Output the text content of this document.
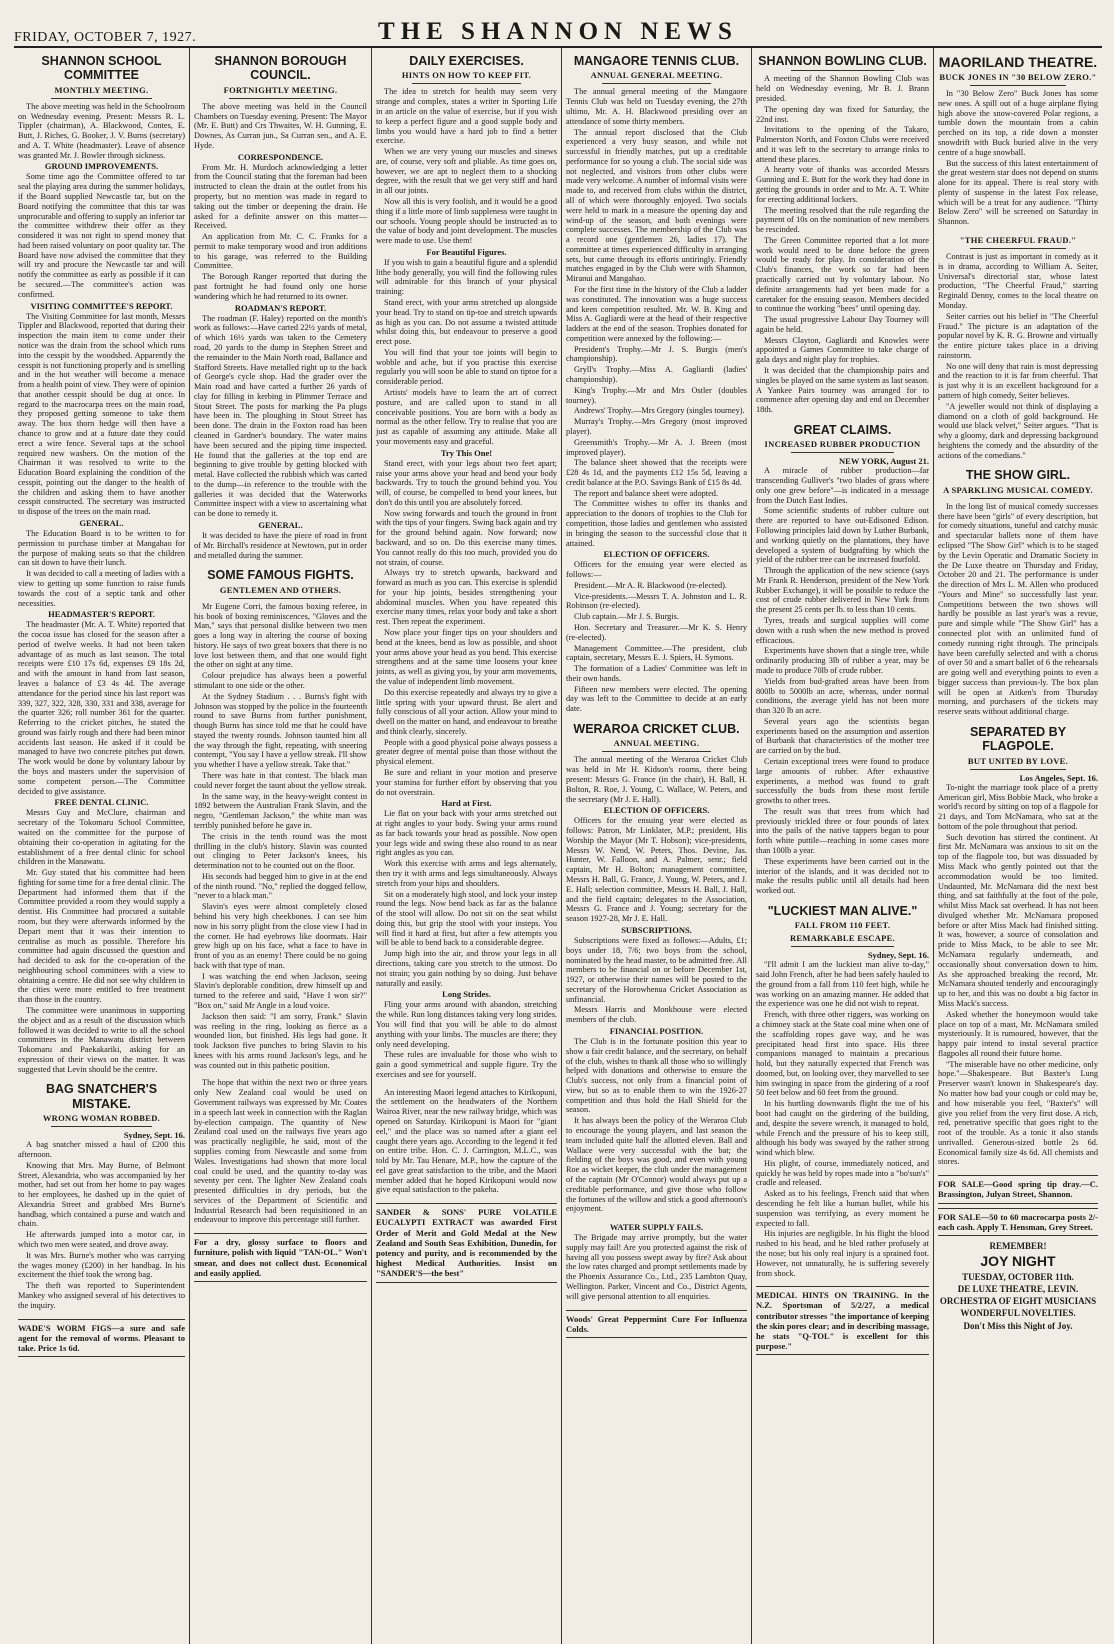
FRIDAY, OCTOBER 7, 1927.	THE SHANNON NEWS
SHANNON SCHOOL COMMITTEE
MONTHLY MEETING.

The above meeting was held in the Schoolroom on Wednesday evening. Present: Messrs R. L. Tippler (chairman), A. Blackwood, Contes, E. Butt, J. Riches, G. Booker, J. V. Burns (secretary) and A. T. White (headmaster). Leave of absence was granted Mr. J. Bowler through sickness.

GROUND IMPROVEMENTS.

Some time ago the Committee offered to tar seal the playing area during the summer holidays, if the Board supplied Newcastle tar, but on the Board notifying the committee that this tar was unprocurable and offering to supply an inferior tar the committee withdrew their offer as they considered it was not right to spend money that had been raised voluntary on poor quality tar. The Board have now advised the committee that they will try and procure the Newcastle tar and will notify the committee as early as possible if it can be secured.—The committee's action was confirmed.

VISITING COMMITTEE'S REPORT.

The Visiting Committee for last month, Messrs Tippler and Blackwood, reported that during their inspection the main item to come under their notice was the drain from the school which runs into the cesspit by the woodshed. Apparently the cesspit is not functioning properly and is smelling and in the hot weather will become a menace from a health point of view. They were of opinion that another cesspit should be dug at once. In regard to the macrocarpa trees on the main road, they proposed getting someone to take them away. The box thorn hedge will then have a chance to grow and at a future date they could erect a wire fence. Several taps at the school required new washers. On the motion of the Chairman it was resolved to write to the Education Board explaining the condition of the cesspit, pointing out the danger to the health of the children and asking them to have another cesspit constructed. The secretary was instructed to dispose of the trees on the main road.

GENERAL.

The Education Board is to be written to for permission to purchase timber at Mangahao for the purpose of making seats so that the children can sit down to have their lunch.

It was decided to call a meeting of ladies with a view to getting up some function to raise funds towards the cost of a septic tank and other necessities.

HEADMASTER'S REPORT.

The headmaster (Mr. A. T. White) reported that the cocoa issue has closed for the season after a period of twelve weeks. It had not been taken advantage of as much as last season. The total receipts were £10 17s 6d, expenses £9 18s 2d, and with the amount in hand from last season, leaves a balance of £3 4s 4d. The average attendance for the period since his last report was 339, 327, 322, 328, 330, 331 and 338, average for the quarter 326; roll number 361 for the quarter. Referring to the cricket pitches, he stated the ground was fairly rough and there had been minor accidents last season. He asked if it could be managed to have two concrete pitches put down. The work would be done by voluntary labour by the boys and masters under the supervision of some competent person.—The Committee decided to give assistance.

FREE DENTAL CLINIC.

Messrs Guy and McClure, chairman and secretary of the Tokomaru School Committee, waited on the committee for the purpose of obtaining their co-operation in agitating for the establishment of a free dental clinic for school children in the Manawatu.

Mr. Guy stated that his committee had been fighting for some time for a free dental clinic. The Department had informed them that if the Committee provided a room they would supply a dentist. His Committee had procured a suitable room, but they were afterwards informed by the Depart ment that it was their intention to centralise as much as possible. Therefore his committee had again discussed the question and had decided to ask for the co-operation of the neighbouring school committees with a view to obtaining a centre. He did not see why children in the cities were more entitled to free treatment than those in the country.

The committee were unanimous in supporting the object and as a result of the discussion which followed it was decided to write to all the school committees in the Manawatu district between Tokomaru and Paekakariki, asking for an expression of their views on the matter. It was suggested that Levin should be the centre.

BAG SNATCHER'S MISTAKE.
WRONG WOMAN ROBBED.
Sydney, Sept. 16.

A bag snatcher missed a haul of £200 this afternoon.

Knowing that Mrs. May Burne, of Belmont Street, Alexandria, who was accompanied by her mother, had set out from her home to pay wages to her employees, he dashed up in the quiet of Alexandria Street and grabbed Mrs Burne's handbag, which contained a purse and watch and chain.

He afterwards jumped into a motor car, in which two men were seated, and drove away.

It was Mrs. Burne's mother who was carrying the wages money (£200) in her handbag. In his excitement the thief took the wrong bag.

The theft was reported to Superintendent Mankey who assigned several of his detectives to the inquiry.

WADE'S WORM FIGS—a sure and safe agent for the removal of worms. Pleasant to take. Price 1s 6d.
SHANNON BOROUGH COUNCIL.
FORTNIGHTLY MEETING.

The above meeting was held in the Council Chambers on Tuesday evening. Present: The Mayor (Mr. E. Butt) and Crs Thwaites, W. H. Gunning, E. Downes, As Curran jun., Sa Curran sen., and A. E. Hyde.

CORRESPONDENCE.

From Mr. H. Murdoch acknowledging a letter from the Council stating that the foreman had been instructed to clean the drain at the outlet from his property, but no mention was made in regard to taking out the timber or deepening the drain. He asked for a definite answer on this matter—Received.

An application from Mr. C. C. Franks for a permit to make temporary wood and iron additions to his garage, was referred to the Building Committee.

The Borough Ranger reported that during the past fortnight he had found only one horse wandering which he had returned to its owner.

ROADMAN'S REPORT.

The roadman (F. Haley) reported on the month's work as follows:—Have carted 22½ yards of metal, of which 16½ yards was taken to the Cemetery road, 20 yards to the dump in Stephen Street and the remainder to the Main North road, Ballance and Stafford Streets. Have metalled right up to the back of George's cycle shop. Had the grader over the Main road and have carted a further 26 yards of clay for filling in kerbing in Plimmer Terrace and Stout Street. The posts for marking the Pa plugs have been in. The ploughing in Stout Street has been done. The drain in the Foxton road has been cleaned in Gardner's boundary. The water mains have been secured and the piping time inspected. He found that the galleries at the top end are beginning to give trouble by getting blocked with metal. Have collected the rubbish which was carted to the dump—in reference to the trouble with the galleries it was decided that the Waterworks Committee inspect with a view to ascertaining what can be done to remedy it.

GENERAL.

It was decided to have the piece of road in front of Mr. Birchall's residence at Newtown, put in order and metalled during the summer.

SOME FAMOUS FIGHTS.
GENTLEMEN AND OTHERS.

Mr Eugene Corri, the famous boxing referee, in his book of boxing reminiscences, "Gloves and the Man," says that personal dislike between two men goes a long way in altering the course of boxing history. He says of two great boxers that there is no love lost between them, and that one would fight the other on sight at any time.

Colour prejudice has always been a powerful stimulant to one side or the other.

At the Sydney Stadium . . . Burns's fight with Johnson was stopped by the police in the fourteenth round to save Burns from further punishment, though Burns has since told me that he could have stayed the twenty rounds. Johnson taunted him all the way through the fight, repeating, with sneering contempt, "You say I have a yellow streak. I'll show you whether I have a yellow streak. Take that."

There was hate in that contest. The black man could never forget the taunt about the yellow streak.

In the same way, in the heavy-weight contest in 1892 between the Australian Frank Slavin, and the negro, "Gentleman Jackson," the white man was terribly punished before he gave in.

The crisis in the tenth round was the most thrilling in the club's history. Slavin was counted out clinging to Peter Jackson's knees, his determination not to be counted out on the floor.

His seconds had begged him to give in at the end of the ninth round. "No," replied the dogged fellow, "never to a black man."

Slavin's eyes were almost completely closed behind his very high cheekbones. I can see him now in his sorry plight from the close view I had in the corner. He had eyebrows like doormats. Hair grew high up on his face, what a face to have in front of you as an enemy! There could be no going back with that type of man.

I was watching the end when Jackson, seeing Slavin's deplorable condition, drew himself up and turned to the referee and said, "Have I won sir?" "Box on," said Mr Angle in a loud voice.

Jackson then said: "I am sorry, Frank." Slavin was reeling in the ring, looking as fierce as a wounded lion, but finished. His legs had gone. It took Jackson five punches to bring Slavin to his knees with his arms round Jackson's legs, and he was counted out in this pathetic position.

The hope that within the next two or three years only New Zealand coal would be used on Government railways was expressed by Mr. Coates in a speech last week in connection with the Raglan by-election campaign. The quantity of New Zealand coal used on the railways five years ago was practically negligible, he said, most of the supplies coming from Newcastle and some from Wales. Investigations had shown that more local coal could be used, and the quantity to-day was seventy per cent. The lighter New Zealand coals presented difficulties in dry periods, but the services of the Department of Scientific and Industrial Research had been requisitioned in an endeavour to improve this percentage still further.

For a dry, glossy surface to floors and furniture, polish with liquid "TAN-OL." Won't smear, and does not collect dust. Economical and easily applied.
DAILY EXERCISES.
HINTS ON HOW TO KEEP FIT.

The idea to stretch for health may seem very strange and complex, states a writer in Sporting Life in an article on the value of exercise, but if you wish to keep a perfect figure and a good supple body and limbs you would have a hard job to find a better exercise.

When we are very young our muscles and sinews are, of course, very soft and pliable. As time goes on, however, we are apt to neglect them to a shocking degree, with the result that we get very stiff and hard in all our joints.

Now all this is very foolish, and it would be a good thing if a little more of limb suppleness were taught in our schools. Young people should be instructed as to the value of body and joint development. The muscles were made to use. Use them!

For Beautiful Figures.

If you wish to gain a beautiful figure and a splendid lithe body generally, you will find the following rules will admirable for this branch of your physical training:

Stand erect, with your arms stretched up alongside your head. Try to stand on tip-toe and stretch upwards as high as you can. Do not assume a twisted attitude whilst doing this, but endeavour to preserve a good erect pose.

You will find that your toe joints will begin to wobble and ache, but if you practise this exercise regularly you will soon be able to stand on tiptoe for a considerable period.

Artists' models have to learn the art of correct posture, and are called upon to stand in all conceivable positions. You are born with a body as normal as the other fellow. Try to realise that you are just as capable of assuming any attitude. Make all your movements easy and graceful.

Try This One!

Stand erect, with your legs about two feet apart; raise your arms above your head and bend your body backwards. Try to touch the ground behind you. You will, of course, be compelled to bend your knees, but don't do this until you are absolutely forced.

Now swing forwards and touch the ground in front with the tips of your fingers. Swing back again and try for the ground behind again. Now forward; now backward, and so on. Do this exercise many times. You cannot really do this too much, provided you do not strain, of course.

Always try to stretch upwards, backward and forward as much as you can. This exercise is splendid for your hip joints, besides strengthening your abdominal muscles. When you have repeated this exercise many times, relax your body and take a short rest. Then repeat the experiment.

Now place your finger tips on your shoulders and bend at the knees, bend as low as possible, and shoot your arms above your head as you bend. This exercise strengthens and at the same time loosens your knee joints, as well as giving you, by your arm movements, the value of independent limb movement.

Do this exercise repeatedly and always try to give a little spring with your upward thrust. Be alert and fully conscious of all your action. Allow your mind to dwell on the matter on hand, and endeavour to breathe and think clearly, sincerely.

People with a good physical poise always possess a greater degree of mental poise than those without the physical element.

Be sure and reliant in your motion and preserve your stamina for further effort by observing that you do not overstrain.

Hard at First.

Lie flat on your back with your arms stretched out at right angles to your body. Swing your arms round as far back towards your head as possible. Now open your legs wide and swing these also round to as near right angles as you can.

Work this exercise with arms and legs alternately, then try it with arms and legs simultaneously. Always stretch from your hips and shoulders.

Sit on a moderately high stool, and lock your instep round the legs. Now bend back as far as the balance of the stool will allow. Do not sit on the seat whilst doing this, but grip the stool with your insteps. You will find it hard at first, but after a few attempts you will be able to bend back to a considerable degree.

Jump high into the air, and throw your legs in all directions, taking care you stretch to the utmost. Do not strain; you gain nothing by so doing. Just behave naturally and easily.

Long Strides.

Fling your arms around with abandon, stretching the while. Run long distances taking very long strides. You will find that you will be able to do almost anything with your limbs. The muscles are there; they only need developing.

These rules are invaluable for those who wish to gain a good symmetrical and supple figure. Try the exercises and see for yourself.

An interesting Maori legend attaches to Kirikopuni, the settlement on the headwaters of the Northern Wairoa River, near the new railway bridge, which was opened on Saturday. Kirikopuni is Maori for "giant eel," and the place was so named after a giant eel caught there years ago. According to the legend it fed on entire tribe. Hon. C. J. Carrington, M.L.C., was told by Mr. Tau Henare, M.P., how the capture of the eel gave great satisfaction to the tribe, and the Maori member added that he hoped Kirikopuni would now give equal satisfaction to the pakeha.

SANDER & SONS' PURE VOLATILE EUCALYPTI EXTRACT was awarded First Order of Merit and Gold Medal at the New Zealand and South Seas Exhibition, Dunedin, for potency and purity, and is recommended by the highest Medical Authorities. Insist on "SANDER'S—the best"
MANGAORE TENNIS CLUB.
ANNUAL GENERAL MEETING.

The annual general meeting of the Mangaore Tennis Club was held on Tuesday evening, the 27th ultimo, Mr. A. H. Blackwood presiding over an attendance of some thirty members.

The annual report disclosed that the Club experienced a very busy season, and while not successful in friendly matches, put up a creditable performance for so young a club. The social side was not neglected, and visitors from other clubs were made very welcome. A number of informal visits were made to, and received from clubs within the district, all of which were thoroughly enjoyed. Two socials were held to mark in a measure the opening day and wind-up of the season, and both evenings were complete successes. The membership of the Club was a record one (gentlemen 26, ladies 17). The committee at times experienced difficulty in arranging sets, but came through its efforts untiringly. Friendly matches engaged in by the Club were with Shannon, Miranui and Mangahao.

For the first time in the history of the Club a ladder was constituted. The innovation was a huge success and keen competition resulted. Mr. W. B. King and Miss A. Gagliardi were at the head of their respective ladders at the end of the season. Trophies donated for competition were annexed by the following:—

President's Trophy.—Mr J. S. Burgis (men's championship).

Gryll's Trophy.—Miss A. Gagliardi (ladies' championship).

King's Trophy.—Mr and Mrs Ostler (doubles tourney).

Andrews' Trophy.—Mrs Gregory (singles tourney).

Murray's Trophy.—Mrs Gregory (most improved player).

Greensmith's Trophy.—Mr A. J. Breen (most improved player).

The balance sheet showed that the receipts were £28 4s 1d, and the payments £12 15s 5d, leaving a credit balance at the P.O. Savings Bank of £15 8s 4d.

The report and balance sheet were adopted.

The Committee wishes to offer its thanks and appreciation to the donors of trophies to the Club for competition, those ladies and gentlemen who assisted in bringing the season to the successful close that it attained.

ELECTION OF OFFICERS.

Officers for the ensuing year were elected as follows:—

President.—Mr A. R. Blackwood (re-elected).

Vice-presidents.—Messrs T. A. Johnston and L. R. Robinson (re-elected).

Club captain.—Mr J. S. Burgis.

Hon. Secretary and Treasurer.—Mr K. S. Henry (re-elected).

Management Committee.—The president, club captain, secretary, Messrs E. J. Spiers, H. Symons.

The formation of a Ladies' Committee was left in their own hands.

Fifteen new members were elected. The opening day was left to the Committee to decide at an early date.

WERAROA CRICKET CLUB.
ANNUAL MEETING.

The annual meeting of the Weraroa Cricket Club was held in Mr H. Kidson's rooms, there being present: Messrs G. France (in the chair), H. Ball, H. Bolton, R. Roe, J. Young, C. Wallace, W. Peters, and the secretary (Mr J. E. Hall).

ELECTION OF OFFICERS.

Officers for the ensuing year were elected as follows: Patron, Mr Linklater, M.P.; president, His Worship the Mayor (Mr T. Hobson); vice-presidents, Messrs W. Nend, W. Peters, Thos. Devine, Jas. Hunter, W. Falloon, and A. Palmer, senr.; field captain, Mr H. Bolton; management committee, Messrs H. Ball, G. France, J. Young, W. Peters, and J. E. Hall; selection committee, Messrs H. Ball, J. Hall, and the field captain; delegates to the Association, Messrs G. France and J. Young; secretary for the season 1927-28, Mr J. E. Hall.

SUBSCRIPTIONS.

Subscriptions were fixed as follows:—Adults, £1; boys under 18, 7/6; two boys from the school, nominated by the head master, to be admitted free. All members to be financial on or before December 1st, 1927, or otherwise their names will be posted to the secretary of the Horowhenua Cricket Association as unfinancial.

Messrs Harris and Monkhouse were elected members of the club.

FINANCIAL POSITION.

The Club is in the fortunate position this year to show a fair credit balance, and the secretary, on behalf of the club, wishes to thank all those who so willingly helped with donations and otherwise to ensure the Club's success, not only from a financial point of view, but so as to enable them to win the 1926-27 competition and thus hold the Hall Shield for the season.

It has always been the policy of the Weraroa Club to encourage the young players, and last season the team included quite half the allotted eleven. Ball and Wallace were very successful with the bat; the fielding of the boys was good, and even with young Roe as wicket keeper, the club under the management of the captain (Mr O'Connor) would always put up a creditable performance, and give those who follow the fortunes of the willow and stick a good afternoon's enjoyment.

WATER SUPPLY FAILS.

The Brigade may arrive promptly, but the water supply may fail! Are you protected against the risk of having all you possess swept away by fire? Ask about the low rates charged and prompt settlements made by the Phoenix Assurance Co., Ltd., 235 Lambton Quay, Wellington. Parker, Vincent and Co., District Agents, will give personal attention to all enquiries.

Woods' Great Peppermint Cure For Influenza Colds.
SHANNON BOWLING CLUB.

A meeting of the Shannon Bowling Club was held on Wednesday evening, Mr B. J. Brann presided.

The opening day was fixed for Saturday, the 22nd inst.

Invitations to the opening of the Takaro, Palmerston North, and Foxton Clubs were received and it was left to the secretary to arrange rinks to attend these places.

A hearty vote of thanks was accorded Messrs Gunning and E. Butt for the work they had done in getting the grounds in order and to Mr. A. T. White for erecting additional lockers.

The meeting resolved that the rule regarding the payment of 10s on the nomination of new members be rescinded.

The Green Committee reported that a lot more work would need to be done before the green would be ready for play. In consideration of the Club's finances, the work so far had been practically carried out by voluntary labour. No definite arrangements had yet been made for a caretaker for the ensuing season. Members decided to continue the working "bees" until opening day.

The usual progressive Labour Day Tourney will again be held.

Messrs Clayton, Gagliardi and Knowles were appointed a Games Committee to take charge of gala days and night play for trophies.

It was decided that the championship pairs and singles be played on the same system as last season. A Yankee Pairs tourney was arranged for to commence after opening day and end on December 18th.

GREAT CLAIMS.
INCREASED RUBBER PRODUCTION
NEW YORK, August 21.

A miracle of rubber production—far transcending Gulliver's "two blades of grass where only one grew before"—is indicated in a message from the Dutch East Indies.

Some scientific students of rubber culture out there are reported to have out-Edisoned Edison. Following principles laid down by Luther Burbank, and working quietly on the plantations, they have developed a system of budgrafting by which the yield of the rubber tree can be increased fourfold.

Through the application of the new science (says Mr Frank R. Henderson, president of the New York Rubber Exchange), it will be possible to reduce the cost of crude rubber delivered in New York from the present 25 cents per lb. to less than 10 cents.

Tyres, treads and surgical supplies will come down with a rush when the new method is proved efficacious.

Experiments have shown that a single tree, while ordinarily producing 3lb of rubber a year, may be made to produce 70lb of crude rubber.

Yields from bud-grafted areas have been from 800lb to 5000lb an acre, whereas, under normal conditions, the average yield has not been more than 320 lb an acre.

Several years ago the scientists began experiments based on the assumption and assertion of Burbank that characteristics of the mother tree are carried on by the bud.

Certain exceptional trees were found to produce large amounts of rubber. After exhaustive experiments, a method was found to graft successfully the buds from these most fertile growths to other trees.

The result was that trees from which had previously trickled three or four pounds of latex into the pails of the native tappers began to pour forth white puttile—reaching in some cases more than 100lb a year.

These experiments have been carried out in the interior of the islands, and it was decided not to make the results public until all details had been worked out.

"LUCKIEST MAN ALIVE."
FALL FROM 110 FEET.
REMARKABLE ESCAPE.
Sydney, Sept. 16.

"I'll admit I am the luckiest man alive to-day," said John French, after he had been safely hauled to the ground from a fall from 110 feet high, while he was working on an amazing manner. He added that the experience was one he did not wish to repeat.

French, with three other riggers, was working on a chimney stack at the State coal mine when one of the scaffolding ropes gave way, and he was precipitated head first into space. His three companions managed to maintain a precarious hold, but they naturally expected that French was doomed, but, on looking over, they marvelled to see him swinging in space from the girdering of a roof 50 feet below and 60 feet from the ground.

In his hurtling downwards flight the toe of his boot had caught on the girdering of the building, and, despite the severe wrench, it managed to hold, while French and the pressure of his to keep still, although his body was swayed by the rather strong wind which blew.

His plight, of course, immediately noticed, and quickly he was held by ropes made into a "bo'sun's" cradle and released.

Asked as to his feelings, French said that when descending he felt like a human bullet, while his suspension was terrifying, as every moment he expected to fall.

His injuries are negligible. In his flight the blood rushed to his head, and he bled rather profusely at the nose; but his only real injury is a sprained foot. However, not unnaturally, he is suffering severely from shock.

MEDICAL HINTS ON TRAINING. In the N.Z. Sportsman of 5/2/27, a medical contributor stresses "the importance of keeping the skin pores clear; and in describing massage, he stats "Q-TOL" is excellent for this purpose."
MAORILAND THEATRE.
BUCK JONES IN "30 BELOW ZERO."

In "30 Below Zero" Buck Jones has some new ones. A spill out of a huge airplane flying high above the snow-covered Polar regions, a tumble down the mountain from a cabin perched on its top, a ride down a monster snowdrift with Buck buried alive in the very centre of a huge snowball.

But the success of this latest entertainment of the great western star does not depend on stunts alone for its appeal. There is real story with plenty of suspense in the latest Fox release, which will be a treat for any audience. "Thirty Below Zero" will be screened on Saturday in Shannon.

"THE CHEERFUL FRAUD."

Contrast is just as important in comedy as it is in drama, according to William A. Seiter, Universal's directorial star, whose latest production, "The Cheerful Fraud," starring Reginald Denny, comes to the local theatre on Monday.

Seiter carries out his belief in "The Cheerful Fraud." The picture is an adaptation of the popular novel by K. R. G. Browne and virtually the entire picture takes place in a driving rainstorm.

No one will deny that rain is most depressing and the reaction to it is far from cheerful. That is just why it is an excellent background for a pattern of high comedy, Seiter believes.

"A jeweller would not think of displaying a diamond on a cloth of gold background. He would use black velvet," Seiter argues. "That is why a gloomy, dark and depressing background heightens the comedy and the absurdity of the actions of the comedians."

THE SHOW GIRL.
A SPARKLING MUSICAL COMEDY.

In the long list of musical comedy successes there have been "girls" of every description, but for comedy situations, tuneful and catchy music and spectacular ballets none of them have eclipsed "The Show Girl" which is to be staged by the Levin Operatic and Dramatic Society in the De Luxe theatre on Thursday and Friday, October 20 and 21. The performance is under the direction of Mrs L. M. Allen who produced "Yours and Mine" so successfully last year. Competitions between the two shows will hardly be possible as last year's was a revue, pure and simple while "The Show Girl" has a connected plot with an unlimited fund of comedy running right through. The principals have been carefully selected and with a chorus of over 50 and a smart ballet of 6 the rehearsals are going well and everything points to even a bigger success than previous-ly. The box plan will be open at Aitken's from Thursday morning, and purchasers of the tickets may reserve seats without additional charge.

SEPARATED BY FLAGPOLE.
BUT UNITED BY LOVE.
Los Angeles, Sept. 16.

To-night the marriage took place of a pretty American girl, Miss Bobbie Mack, who broke a world's record by sitting on top of a flagpole for 21 days, and Tom McNamara, who sat at the bottom of the pole throughout that period.

Such devotion has stirred the continent. At first Mr. McNamara was anxious to sit on the top of the flagpole too, but was dissuaded by Miss Mack who gently pointed out that the accommodation would be too limited. Undaunted, Mr. McNamara did the next best thing, and sat faithfully at the foot of the pole, whilst Miss Mack sat overhead. It has not been divulged whether Mr. McNamara proposed before or after Miss Mack had finished sitting. It was, however, a source of consolation and pride to Miss Mack, to be able to see Mr. McNamara regularly underneath, and occasionally shout conversation down to him. As she approached breaking the record, Mr. McNamara shouted tenderly and encouragingly up to her, and this was no doubt a big factor in Miss Mack's success.

Asked whether the honeymoon would take place on top of a mast, Mr. McNamara smiled mysteriously. It is rumoured, however, that the happy pair intend to instal several practice flagpoles all round their future home.

"The miserable have no other medicine, only hope."—Shakespeare. But Baxter's Lung Preserver wasn't known in Shakespeare's day. No matter how bad your cough or cold may be, and how miserable you feel, "Baxter's" will give you relief from the very first dose. A rich, red, penetrative specific that goes right to the root of the trouble. As a tonic it also stands unrivalled. Generous-sized bottle 2s 6d. Economical family size 4s 6d. All chemists and stores.

FOR SALE—Good spring tip dray.—C. Brassington, Julyan Street, Shannon.
FOR SALE—50 to 60 macrocarpa posts 2/- each cash. Apply T. Hensman, Grey Street.
REMEMBER!
JOY NIGHT
TUESDAY, OCTOBER 11th.
DE LUXE THEATRE, LEVIN.
ORCHESTRA OF EIGHT MUSICIANS
WONDERFUL NOVELTIES.
Don't Miss this Night of Joy.
